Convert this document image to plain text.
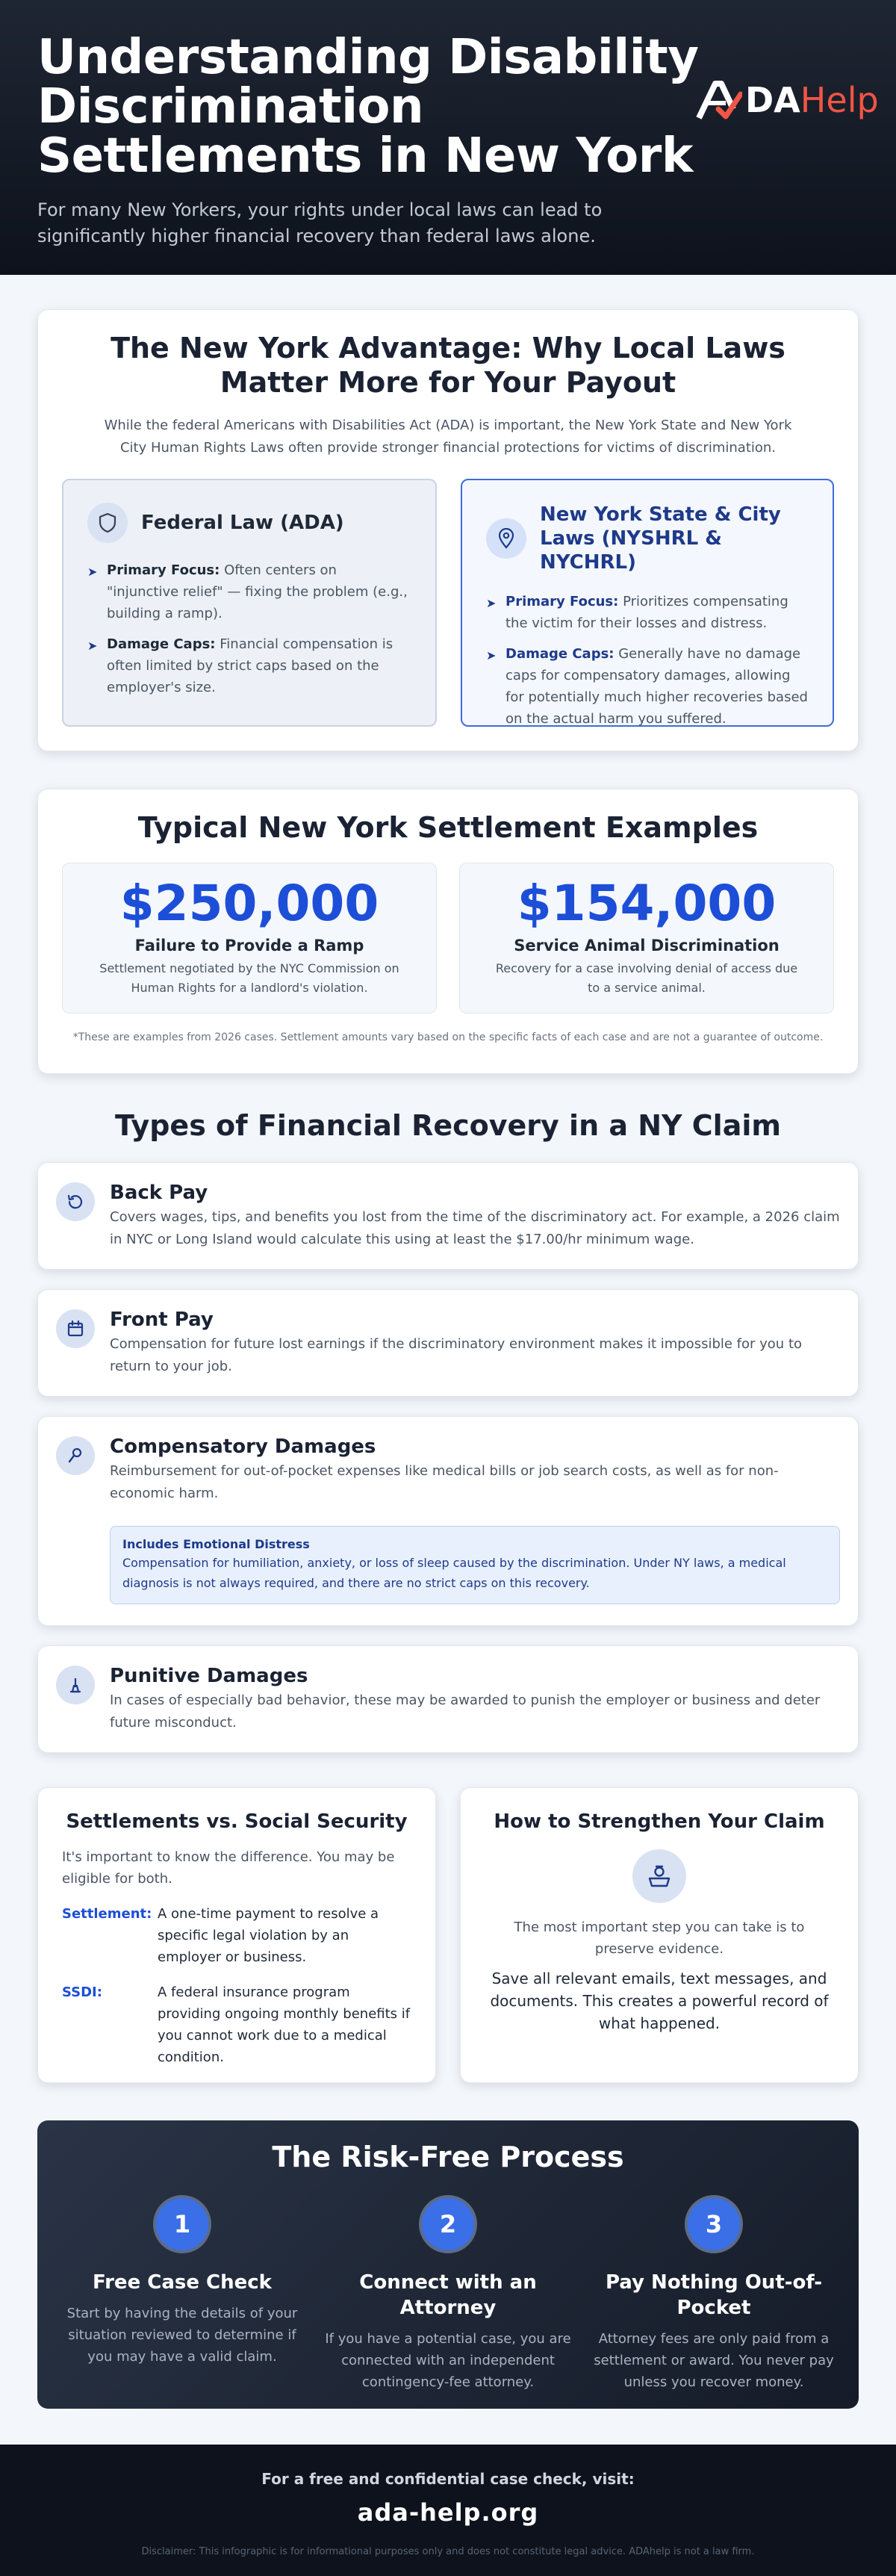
Understanding Disability Discrimination Settlements in New York
For many New Yorkers, your rights under local laws can lead to significantly higher financial recovery than federal laws alone.
DA Help
The New York Advantage: Why Local Laws Matter More for Your Payout

While the federal Americans with Disabilities Act (ADA) is important, the New York State and New York City Human Rights Laws often provide stronger financial protections for victims of discrimination.

Federal Law (ADA)
➤ Primary Focus: Often centers on "injunctive relief" — fixing the problem (e.g., building a ramp).
➤ Damage Caps: Financial compensation is often limited by strict caps based on the employer's size.
New York State & City Laws (NYSHRL & NYCHRL)
➤ Primary Focus: Prioritizes compensating the victim for their losses and distress.
➤ Damage Caps: Generally have no damage caps for compensatory damages, allowing for potentially much higher recoveries based on the actual harm you suffered.
Typical New York Settlement Examples
$250,000
Failure to Provide a Ramp
Settlement negotiated by the NYC Commission on Human Rights for a landlord's violation.
$154,000
Service Animal Discrimination
Recovery for a case involving denial of access due to a service animal.
*These are examples from 2026 cases. Settlement amounts vary based on the specific facts of each case and are not a guarantee of outcome.
Types of Financial Recovery in a NY Claim
Back Pay
Covers wages, tips, and benefits you lost from the time of the discriminatory act. For example, a 2026 claim in NYC or Long Island would calculate this using at least the $17.00/hr minimum wage.
Front Pay
Compensation for future lost earnings if the discriminatory environment makes it impossible for you to return to your job.
Compensatory Damages
Reimbursement for out-of-pocket expenses like medical bills or job search costs, as well as for non-economic harm.
Includes Emotional Distress
Compensation for humiliation, anxiety, or loss of sleep caused by the discrimination. Under NY laws, a medical diagnosis is not always required, and there are no strict caps on this recovery.
Punitive Damages
In cases of especially bad behavior, these may be awarded to punish the employer or business and deter future misconduct.
Settlements vs. Social Security
It's important to know the difference. You may be eligible for both.
Settlement: A one-time payment to resolve a specific legal violation by an employer or business.
SSDI:	A federal insurance program providing ongoing monthly benefits if you cannot work due to a medical condition.
How to Strengthen Your Claim
The most important step you can take is to preserve evidence.
Save all relevant emails, text messages, and documents. This creates a powerful record of what happened.
The Risk-Free Process
1
Free Case Check
Start by having the details of your situation reviewed to determine if you may have a valid claim.
2
Connect with an Attorney
If you have a potential case, you are connected with an independent contingency-fee attorney.
3
Pay Nothing Out-of-Pocket
Attorney fees are only paid from a settlement or award. You never pay unless you recover money.
For a free and confidential case check, visit:
ada-help.org
Disclaimer: This infographic is for informational purposes only and does not constitute legal advice. ADAhelp is not a law firm.
